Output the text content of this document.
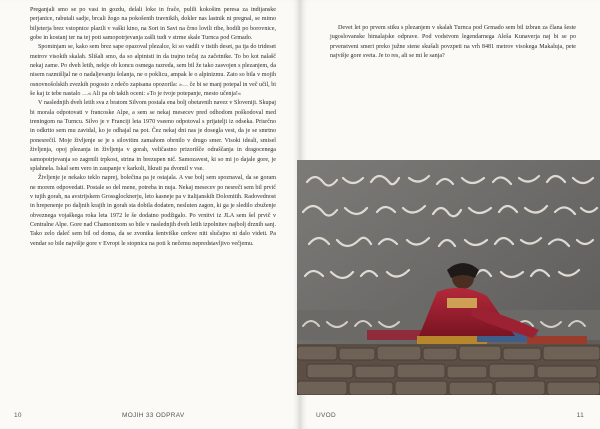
Preganjali smo se po vasi in gozdu, delali loke in frače, pulili kokošim peresa za indijanske perjanice, rabutali sadje, brcali žogo na pokošenih travnikih, dokler nas lastnik ni pregnal, se mimo biljeterja brez vstopnice plazili v vaški kino, na Sori in Savi na črno lovili ribe, hodili po borovnice, gobe in kostanj ter na tej poti samopotrjevanja zašli tudi v strme skale Turnca pod Grmado.

Spominjam se, kako sem brez sape opazoval plezalce, ki so vadili v tistih deset, pa tja do trideset metrov visokih skalah. Slišali smo, da so alpinisti in da trajno tečaj za začetnike. To bo kot nalašč nekaj zame. Po dveh letih, nekje ob koncu osmega razreda, sem bil že tako zasvojen s plezanjem, da nisem razmišljal ne o nadaljevanju šolanja, ne o poklicu, ampak le o alpinizmu. Zato so bila v mojih osnovnošolskih zvezkih pogosto z rdečo zapisana opozorila: »… če bi se manj potepal in več učil, bi še kaj iz tebe nastalo …« Ali pa ob takih oceni: »To je tvoje potepanje, mesto učenja!«

V naslednjih dveh letih sva z bratom Silvom postala ena bolj obetavnih navez v Sloveniji. Skupaj bi morala odpotovati v francoske Alpe, a sem se nekaj mesecev pred odhodom poškodoval med treningom na Turncu. Silvo je v Franciji leta 1970 vseeno odpotoval s prijatelji iz odseka. Prisrčno in odkrito sem mu zavidal, ko je odhajal na pot. Čez nekaj dni nas je dosegla vest, da je se smrtno ponesrečil. Moje življenje se je s silovitim zamahom obrnilo v drugo smer. Visoki ideali, smisel življenja, opoj plezanja in življenja v gorah, veličastno prizorišče odraščanja in dragocenega samopotrjevanja so zagrnili trpkost, strina in brezupen nič. Samozavest, ki so mi jo dajale gore, je splahnela. Iskal sem vero in zaupanje v karkoli, likrati pa dvomil v vse.

Življenje je nekako teklo naprej, bolečina pa je ostajala. A vse bolj sem spoznaval, da se goram ne morem odpovedati. Postale so del mene, potreba in nuja. Nekaj mesecev po nesreči sem bil prvič v tujih gorah, na avstrijskem Grossglocknerju, leto kasneje pa v italijanskih Dolomitih. Radovednost in hrepenenje po daljnih krajih in gorah sta dobila dodaten, nesluten zagon, ki ga je sledilo zbuženje obveznega vojaškega roka leta 1972 le še dodatno podžigalo. Po vrnitvi iz JLA sem šel prvič v Centralne Alpe. Gore nad Chamonixom so bile v naslednjih dveh letih izpolnitev najbolj drznih sanj. Tako zelo daleč sem bil od doma, da se zvonika šentviške cerkve niti slučajno ni dalo videti. Pa vendar so bile najvišje gore v Evropi le stopnica na poti k nečemu nepredstavljivo večjemu.

10	MOJIH 33 ODPRAV	UVOD	11

Devet let po prvem stiku s plezanjem v skalah Turnca pod Grmado sem bil izbran za člana šeste jugoslovanske himalajske odprave. Pod vodstvom legendarnega Aleša Kunaverja naj bi se po prvenstveni smeri preko južne stene skušali povzpeti na vrh 8481 metrov visokega Makaluja, pete najvišje gore sveta. Je to res, ali se mi le sanja?
